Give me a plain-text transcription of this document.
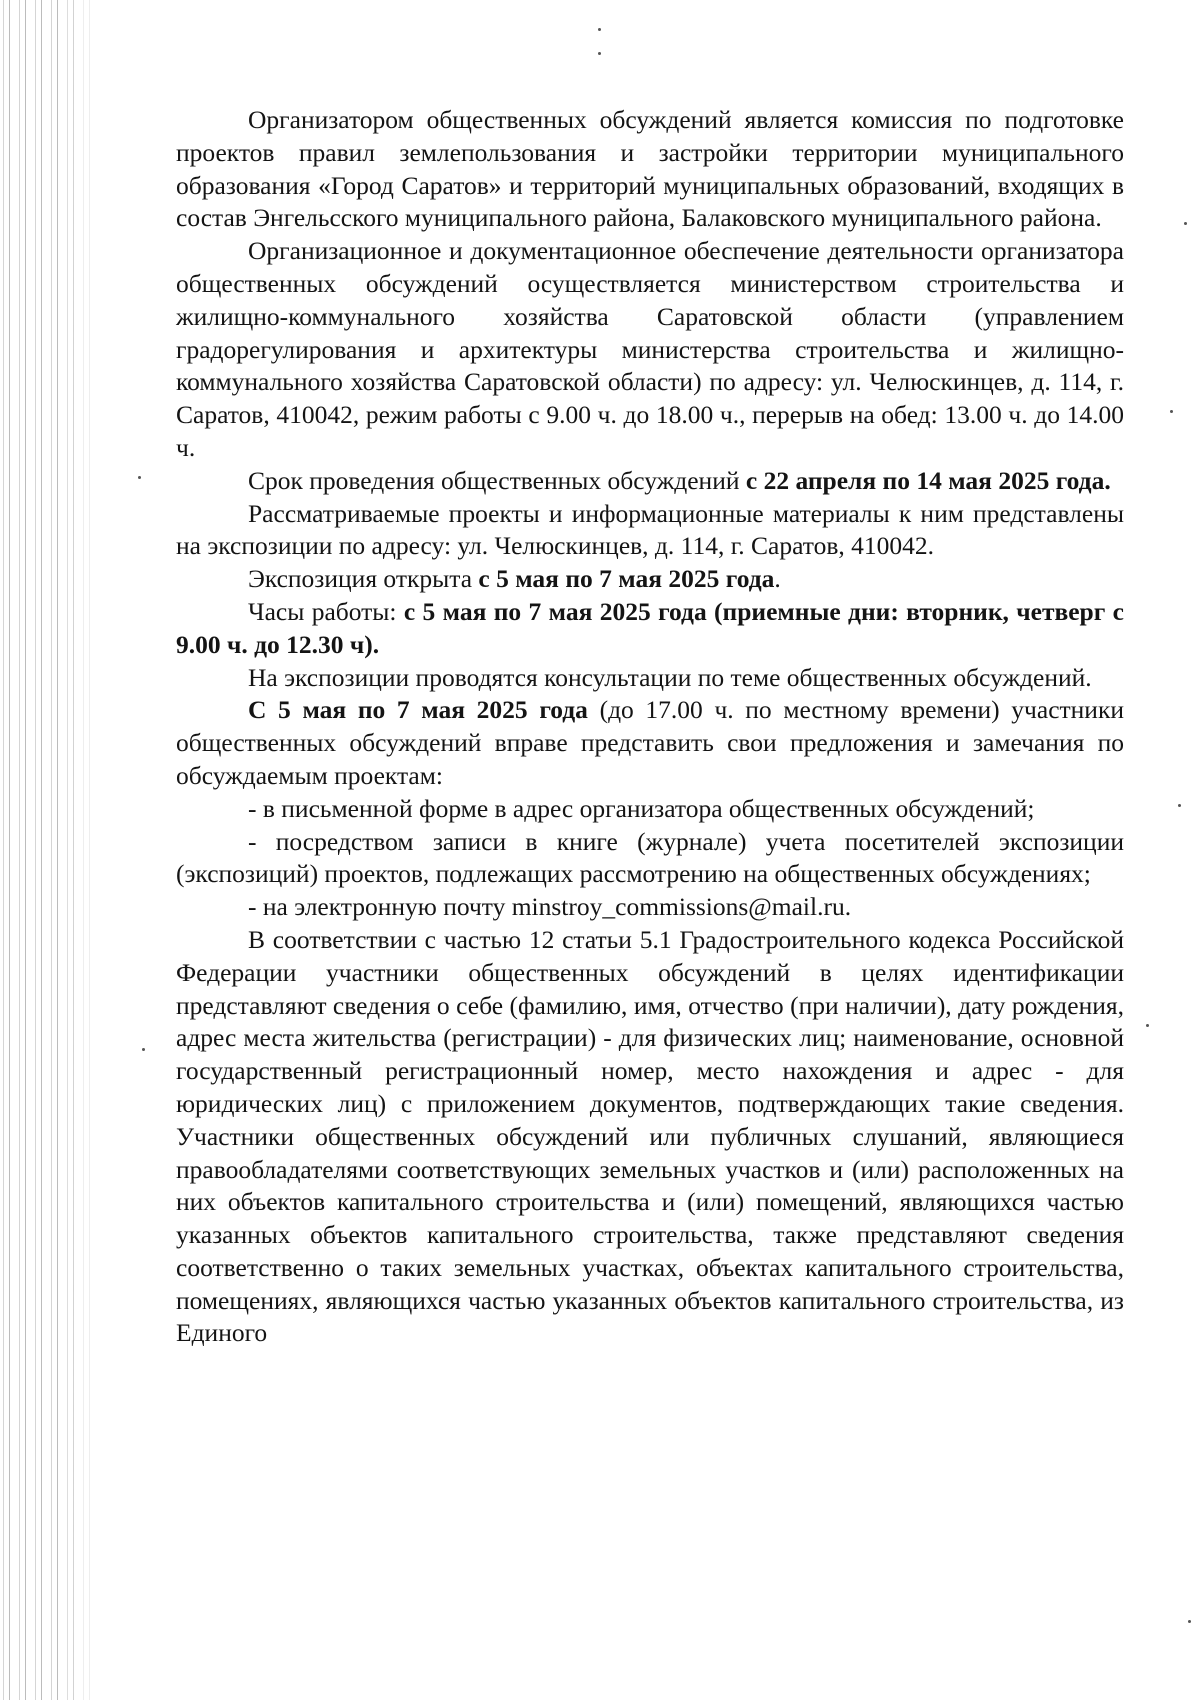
Организатором общественных обсуждений является комиссия по подготовке проектов правил землепользования и застройки территории муниципального образования «Город Саратов» и территорий муниципальных образований, входящих в состав Энгельсского муниципального района, Балаковского муниципального района.

Организационное и документационное обеспечение деятельности организатора общественных обсуждений осуществляется министерством строительства и жилищно-коммунального хозяйства Саратовской области (управлением градорегулирования и архитектуры министерства строительства и жилищно-коммунального хозяйства Саратовской области) по адресу: ул. Челюскинцев, д. 114, г. Саратов, 410042, режим работы с 9.00 ч. до 18.00 ч., перерыв на обед: 13.00 ч. до 14.00 ч.

Срок проведения общественных обсуждений с 22 апреля по 14 мая 2025 года.

Рассматриваемые проекты и информационные материалы к ним представлены на экспозиции по адресу: ул. Челюскинцев, д. 114, г. Саратов, 410042.

Экспозиция открыта с 5 мая по 7 мая 2025 года.

Часы работы: с 5 мая по 7 мая 2025 года (приемные дни: вторник, четверг с 9.00 ч. до 12.30 ч).

На экспозиции проводятся консультации по теме общественных обсуждений.

С 5 мая по 7 мая 2025 года (до 17.00 ч. по местному времени) участники общественных обсуждений вправе представить свои предложения и замечания по обсуждаемым проектам:

- в письменной форме в адрес организатора общественных обсуждений;

- посредством записи в книге (журнале) учета посетителей экспозиции (экспозиций) проектов, подлежащих рассмотрению на общественных обсуждениях;

- на электронную почту minstroy_commissions@mail.ru.

В соответствии с частью 12 статьи 5.1 Градостроительного кодекса Российской Федерации участники общественных обсуждений в целях идентификации представляют сведения о себе (фамилию, имя, отчество (при наличии), дату рождения, адрес места жительства (регистрации) - для физических лиц; наименование, основной государственный регистрационный номер, место нахождения и адрес - для юридических лиц) с приложением документов, подтверждающих такие сведения. Участники общественных обсуждений или публичных слушаний, являющиеся правообладателями соответствующих земельных участков и (или) расположенных на них объектов капитального строительства и (или) помещений, являющихся частью указанных объектов капитального строительства, также представляют сведения соответственно о таких земельных участках, объектах капитального строительства, помещениях, являющихся частью указанных объектов капитального строительства, из Единого
